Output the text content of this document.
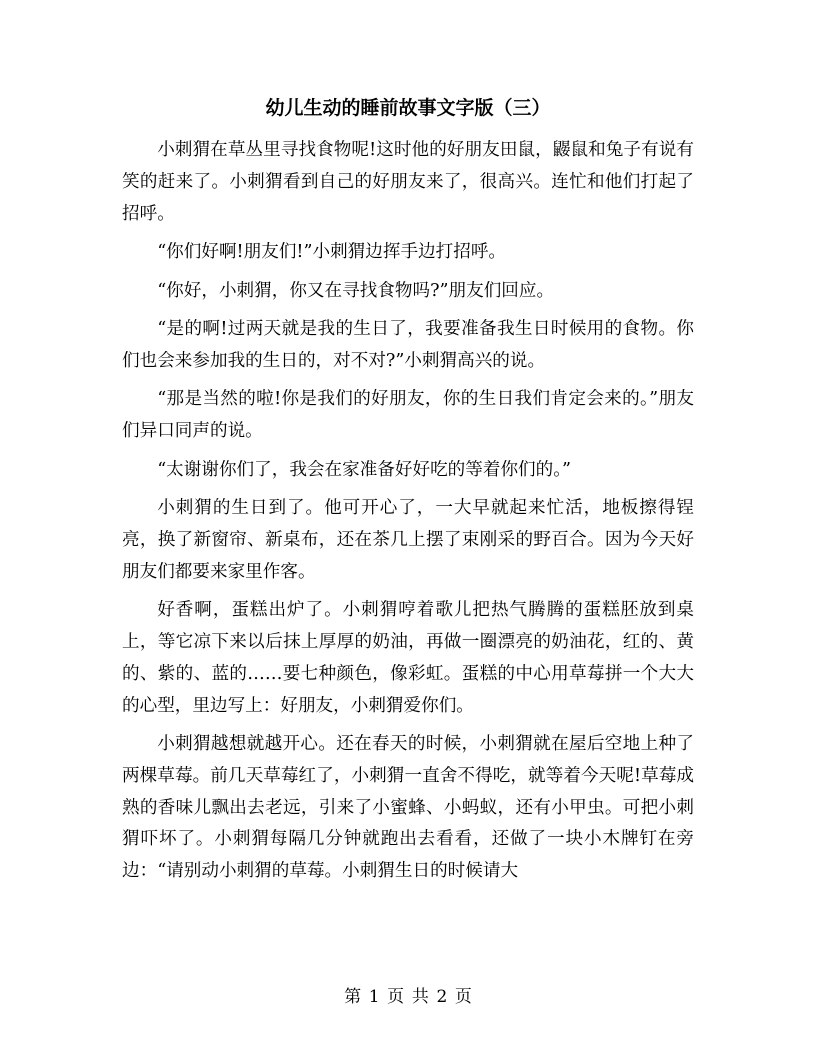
幼儿生动的睡前故事文字版（三）

小刺猬在草丛里寻找食物呢!这时他的好朋友田鼠，鼹鼠和兔子有说有笑的赶来了。小刺猬看到自己的好朋友来了，很高兴。连忙和他们打起了招呼。

“你们好啊!朋友们!”小刺猬边挥手边打招呼。

“你好，小刺猬，你又在寻找食物吗?”朋友们回应。

“是的啊!过两天就是我的生日了，我要准备我生日时候用的食物。你们也会来参加我的生日的，对不对?”小刺猬高兴的说。

“那是当然的啦!你是我们的好朋友，你的生日我们肯定会来的。”朋友们异口同声的说。

“太谢谢你们了，我会在家准备好好吃的等着你们的。”

小刺猬的生日到了。他可开心了，一大早就起来忙活，地板擦得锃亮，换了新窗帘、新桌布，还在茶几上摆了束刚采的野百合。因为今天好朋友们都要来家里作客。

好香啊，蛋糕出炉了。小刺猬哼着歌儿把热气腾腾的蛋糕胚放到桌上，等它凉下来以后抹上厚厚的奶油，再做一圈漂亮的奶油花，红的、黄的、紫的、蓝的……要七种颜色，像彩虹。蛋糕的中心用草莓拼一个大大的心型，里边写上：好朋友，小刺猬爱你们。

小刺猬越想就越开心。还在春天的时候，小刺猬就在屋后空地上种了两棵草莓。前几天草莓红了，小刺猬一直舍不得吃，就等着今天呢!草莓成熟的香味儿飘出去老远，引来了小蜜蜂、小蚂蚁，还有小甲虫。可把小刺猬吓坏了。小刺猬每隔几分钟就跑出去看看，还做了一块小木牌钉在旁边：“请别动小刺猬的草莓。小刺猬生日的时候请大

第 1 页 共 2 页
